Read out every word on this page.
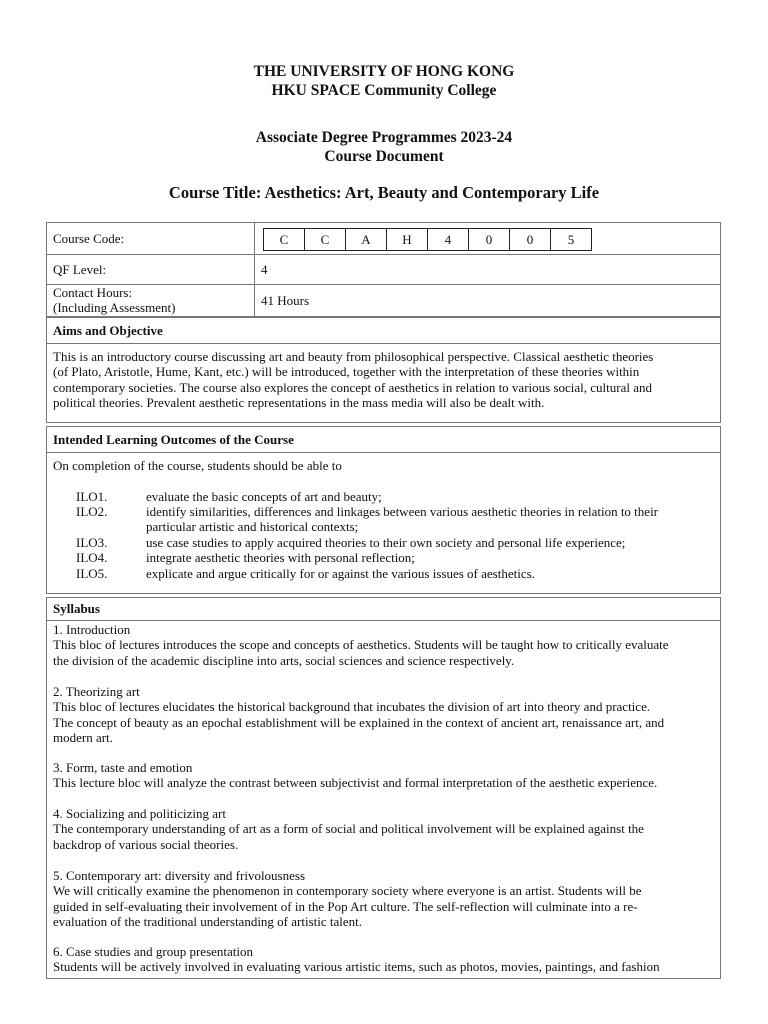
THE UNIVERSITY OF HONG KONG
HKU SPACE Community College
Associate Degree Programmes 2023-24
Course Document
Course Title: Aesthetics: Art, Beauty and Contemporary Life
Course Code:	C	C	A	H	4	0	0	5
QF Level:	4
Contact Hours:
(Including Assessment)	41 Hours
Aims and Objective
This is an introductory course discussing art and beauty from philosophical perspective. Classical aesthetic theories
(of Plato, Aristotle, Hume, Kant, etc.) will be introduced, together with the interpretation of these theories within
contemporary societies. The course also explores the concept of aesthetics in relation to various social, cultural and
political theories. Prevalent aesthetic representations in the mass media will also be dealt with.
Intended Learning Outcomes of the Course
On completion of the course, students should be able to
ILO1.	evaluate the basic concepts of art and beauty;
ILO2.	identify similarities, differences and linkages between various aesthetic theories in relation to their
particular artistic and historical contexts;
ILO3.	use case studies to apply acquired theories to their own society and personal life experience;
ILO4.	integrate aesthetic theories with personal reflection;
ILO5.	explicate and argue critically for or against the various issues of aesthetics.
Syllabus
1. Introduction
This bloc of lectures introduces the scope and concepts of aesthetics. Students will be taught how to critically evaluate
the division of the academic discipline into arts, social sciences and science respectively.
2. Theorizing art
This bloc of lectures elucidates the historical background that incubates the division of art into theory and practice.
The concept of beauty as an epochal establishment will be explained in the context of ancient art, renaissance art, and
modern art.
3. Form, taste and emotion
This lecture bloc will analyze the contrast between subjectivist and formal interpretation of the aesthetic experience.
4. Socializing and politicizing art
The contemporary understanding of art as a form of social and political involvement will be explained against the
backdrop of various social theories.
5. Contemporary art: diversity and frivolousness
We will critically examine the phenomenon in contemporary society where everyone is an artist. Students will be
guided in self-evaluating their involvement of in the Pop Art culture. The self-reflection will culminate into a re-
evaluation of the traditional understanding of artistic talent.
6. Case studies and group presentation
Students will be actively involved in evaluating various artistic items, such as photos, movies, paintings, and fashion
